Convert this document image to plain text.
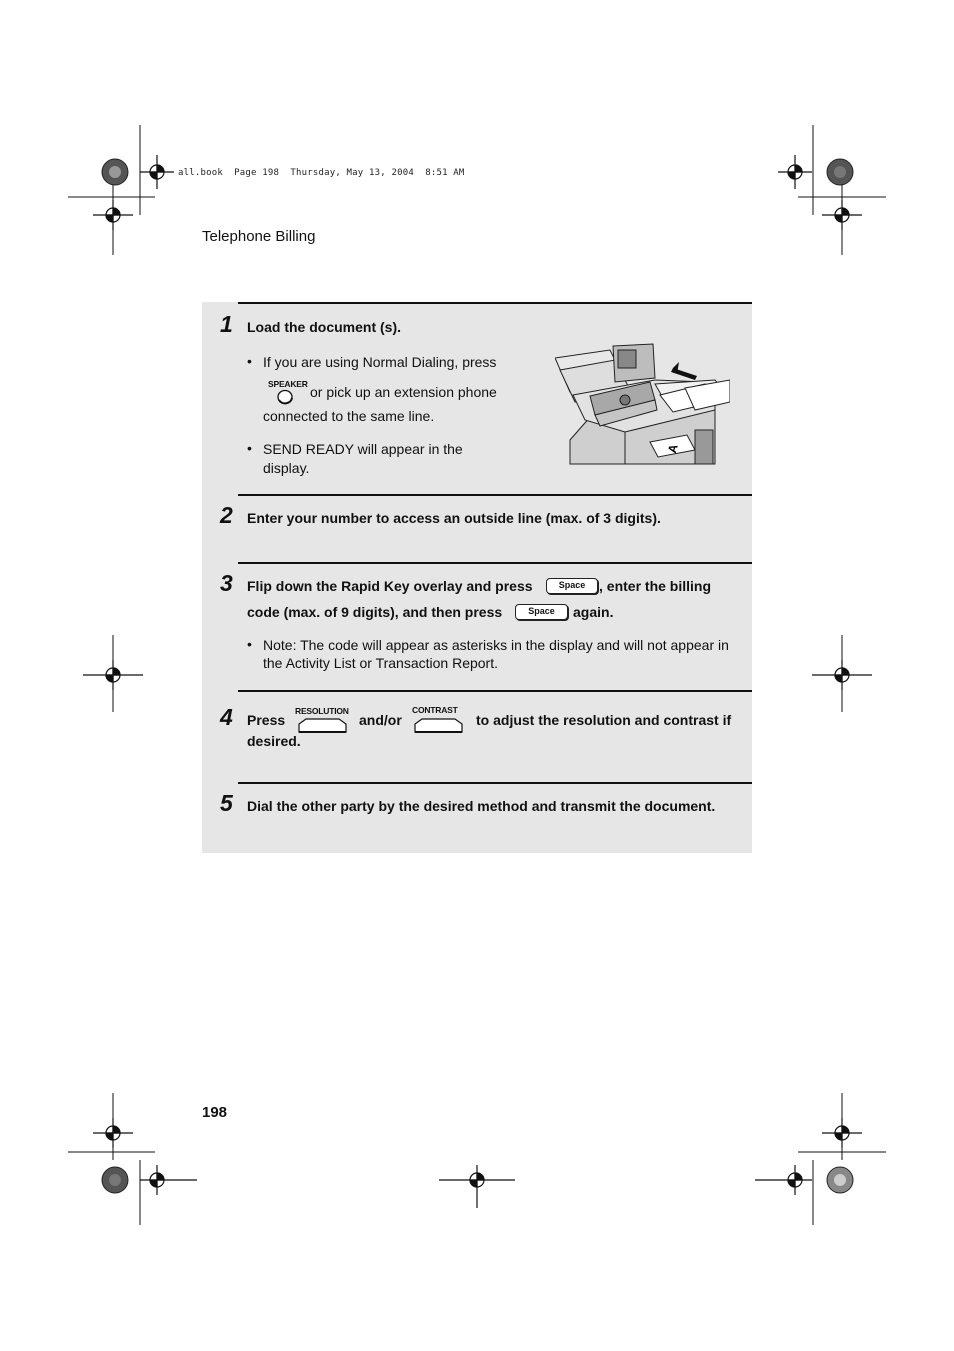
all.book  Page 198  Thursday, May 13, 2004  8:51 AM
Telephone Billing
1 Load the document (s).
• If you are using Normal Dialing, press
SPEAKER or pick up an extension phone
connected to the same line.
• SEND READY will appear in the
display.
A
2 Enter your number to access an outside line (max. of 3 digits).
3 Flip down the Rapid Key overlay and press	Space , enter the billing
code (max. of 9 digits), and then press	Space	again.
• Note: The code will appear as asterisks in the display and will not appear in
the Activity List or Transaction Report.
4 Press
RESOLUTION
and/or
CONTRAST
to adjust the resolution and contrast if
desired.
5 Dial the other party by the desired method and transmit the document.
198
